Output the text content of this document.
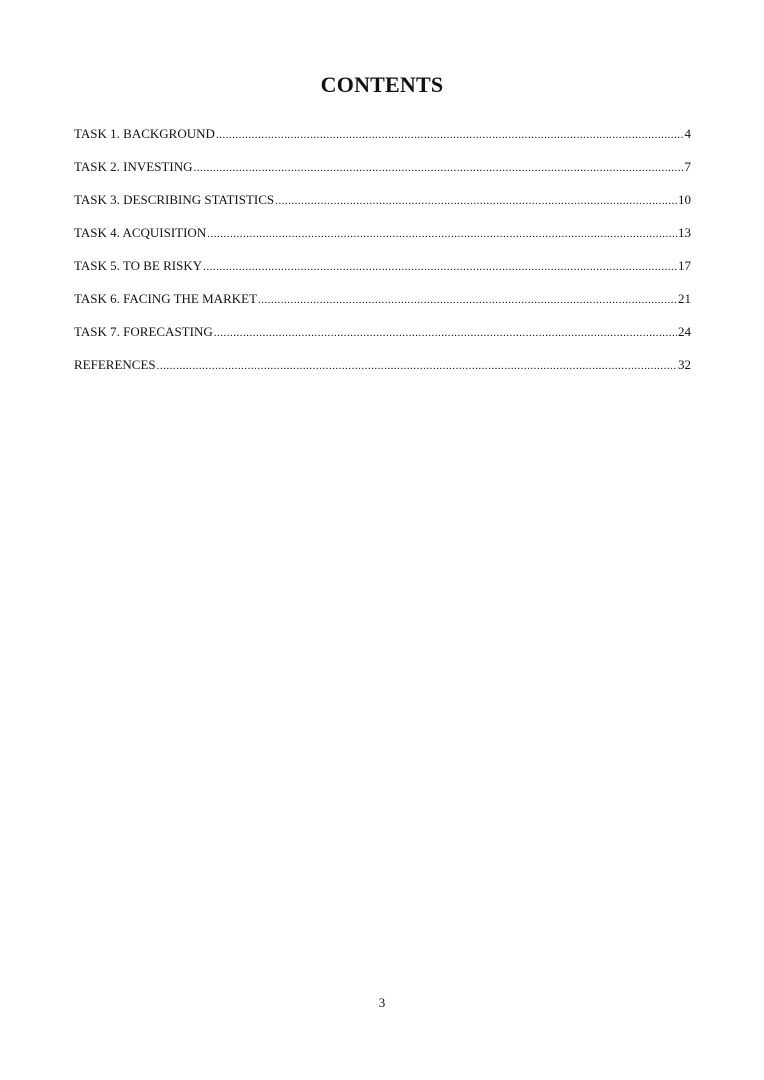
CONTENTS
TASK 1. BACKGROUND .....	4
TASK 2. INVESTING .....	7
TASK 3. DESCRIBING STATISTICS .....	10
TASK 4. ACQUISITION .....	13
TASK 5. TO BE RISKY .....	17
TASK 6. FACING THE MARKET .....	21
TASK 7. FORECASTING .....	24
REFERENCES .....	32
3
